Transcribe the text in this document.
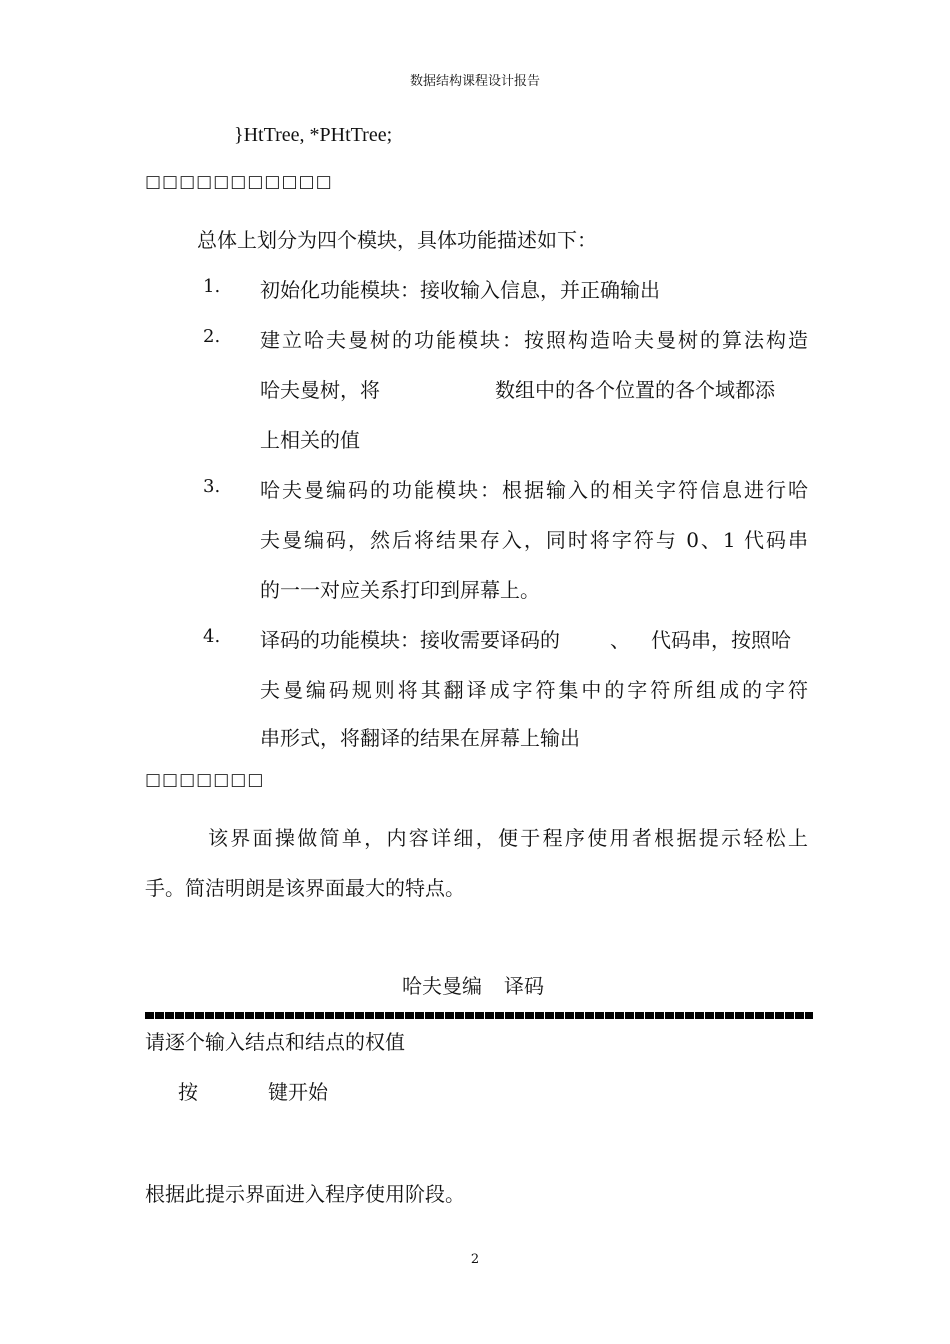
数据结构课程设计报告
}HtTree, *PHtTree;
□□□□□□□□□□□
总体上划分为四个模块，具体功能描述如下：
1. 初始化功能模块：接收输入信息，并正确输出
2. 建立哈夫曼树的功能模块：按照构造哈夫曼树的算法构造
哈夫曼树，将	数组中的各个位置的各个域都添
上相关的值
3. 哈夫曼编码的功能模块：根据输入的相关字符信息进行哈
夫曼编码，然后将结果存入，同时将字符与 0、1 代码串
的一一对应关系打印到屏幕上。
4. 译码的功能模块：接收需要译码的	、 代码串，按照哈
夫曼编码规则将其翻译成字符集中的字符所组成的字符
串形式，将翻译的结果在屏幕上输出
□□□□□□□
该界面操做简单，内容详细，便于程序使用者根据提示轻松上
手。简洁明朗是该界面最大的特点。
哈夫曼编 译码
请逐个输入结点和结点的权值
按	键开始
根据此提示界面进入程序使用阶段。
2
